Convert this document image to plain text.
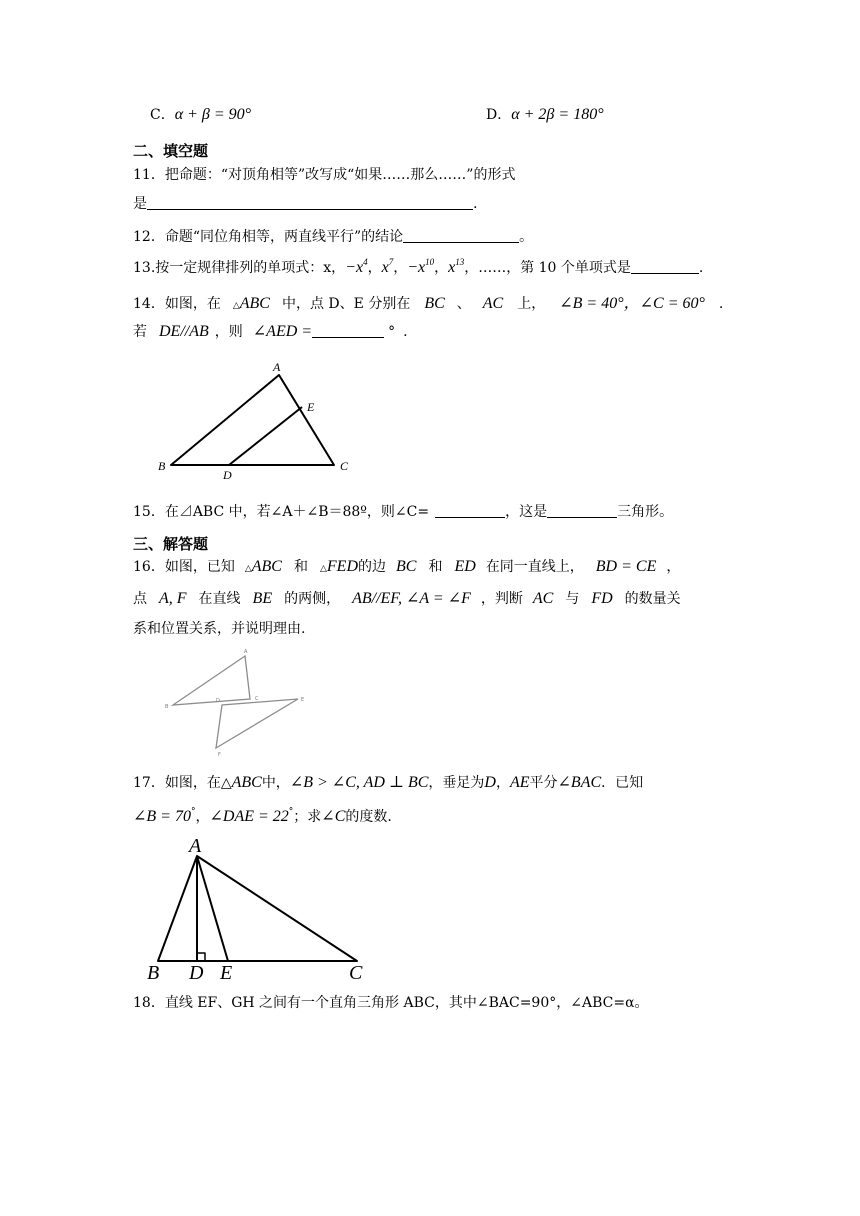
C．α + β = 90°	D．α + 2β = 180°
二、填空题
11．把命题：“对顶角相等”改写成“如果……那么……”的形式
是	.
12．命题“同位角相等，两直线平行”的结论	。
13.按一定规律排列的单项式：x，$-x^4$，$x^7$，$-x^{10}$，$x^{13}$，……，第 10 个单项式是	.
14．如图，在 △ABC 中，点 D、E 分别在 BC 、 AC 上， ∠B = 40°，∠C = 60° .
若 DE//AB ，则 ∠AED =	° .
A
B	C
D
E
15．在⊿ABC 中，若∠A＋∠B＝88º，则∠C=	，这是	三角形。
三、解答题
16．如图，已知 △ABC 和 △FED的边 BC 和 ED 在同一直线上， BD = CE ，
点 A, F 在直线 BE 的两侧， AB//EF, ∠A = ∠F ，判断 AC 与 FD 的数量关
系和位置关系，并说明理由.
A
B
D	C	E
F
17．如图，在△ABC中，∠B > ∠C, AD ⊥ BC，垂足为D，AE平分∠BAC．已知
∠B = 70°，∠DAE = 22°；求∠C的度数.
A
B D E	C
18．直线 EF、GH 之间有一个直角三角形 ABC，其中∠BAC=90°，∠ABC=α。
